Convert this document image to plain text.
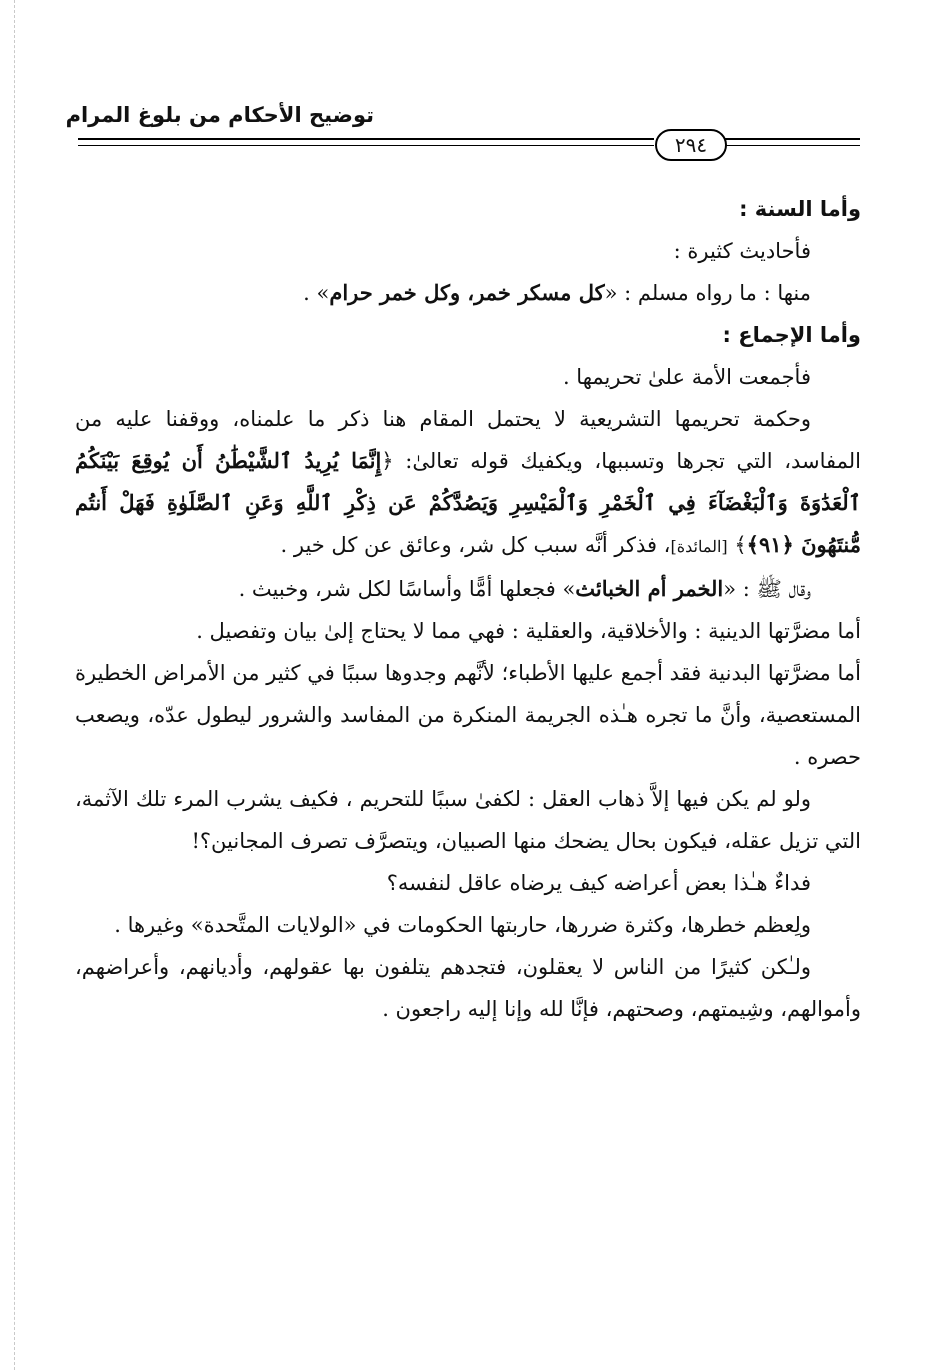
توضيح الأحكام من بلوغ المرام
٢٩٤

وأما السنة :

فأحاديث كثيرة :

منها : ما رواه مسلم : «كل مسكر خمر، وكل خمر حرام» .

وأما الإجماع :

فأجمعت الأمة علىٰ تحريمها .

وحكمة تحريمها التشريعية لا يحتمل المقام هنا ذكر ما علمناه، ووقفنا عليه من المفاسد، التي تجرها وتسببها، ويكفيك قوله تعالىٰ: ﴿إِنَّمَا يُرِيدُ ٱلشَّيْطَٰنُ أَن يُوقِعَ بَيْنَكُمُ ٱلْعَدَٰوَةَ وَٱلْبَغْضَآءَ فِي ٱلْخَمْرِ وَٱلْمَيْسِرِ وَيَصُدَّكُمْ عَن ذِكْرِ ٱللَّهِ وَعَنِ ٱلصَّلَوٰةِ فَهَلْ أَنتُم مُّنتَهُونَ ﴿٩١﴾﴾ [المائدة]، فذكر أنَّه سبب كل شر، وعائق عن كل خير .

وقال ﷺ : «الخمر أم الخبائث» فجعلها أمًّا وأساسًا لكل شر، وخبيث .

أما مضرَّتها الدينية : والأخلاقية، والعقلية : فهي مما لا يحتاج إلىٰ بيان وتفصيل .

أما مضرَّتها البدنية فقد أجمع عليها الأطباء؛ لأنَّهم وجدوها سببًا في كثير من الأمراض الخطيرة المستعصية، وأنَّ ما تجره هـٰذه الجريمة المنكرة من المفاسد والشرور ليطول عدّه، ويصعب حصره .

ولو لم يكن فيها إلاَّ ذهاب العقل : لكفىٰ سببًا للتحريم ، فكيف يشرب المرء تلك الآثمة، التي تزيل عقله، فيكون بحال يضحك منها الصبيان، ويتصرَّف تصرف المجانين؟!

فداءٌ هـٰذا بعض أعراضه كيف يرضاه عاقل لنفسه؟

ولِعظم خطرها، وكثرة ضررها، حاربتها الحكومات في «الولايات المتَّحدة» وغيرها .

ولـٰكن كثيرًا من الناس لا يعقلون، فتجدهم يتلفون بها عقولهم، وأديانهم، وأعراضهم، وأموالهم، وشِيمتهم، وصحتهم، فإنَّا لله وإنا إليه راجعون .
